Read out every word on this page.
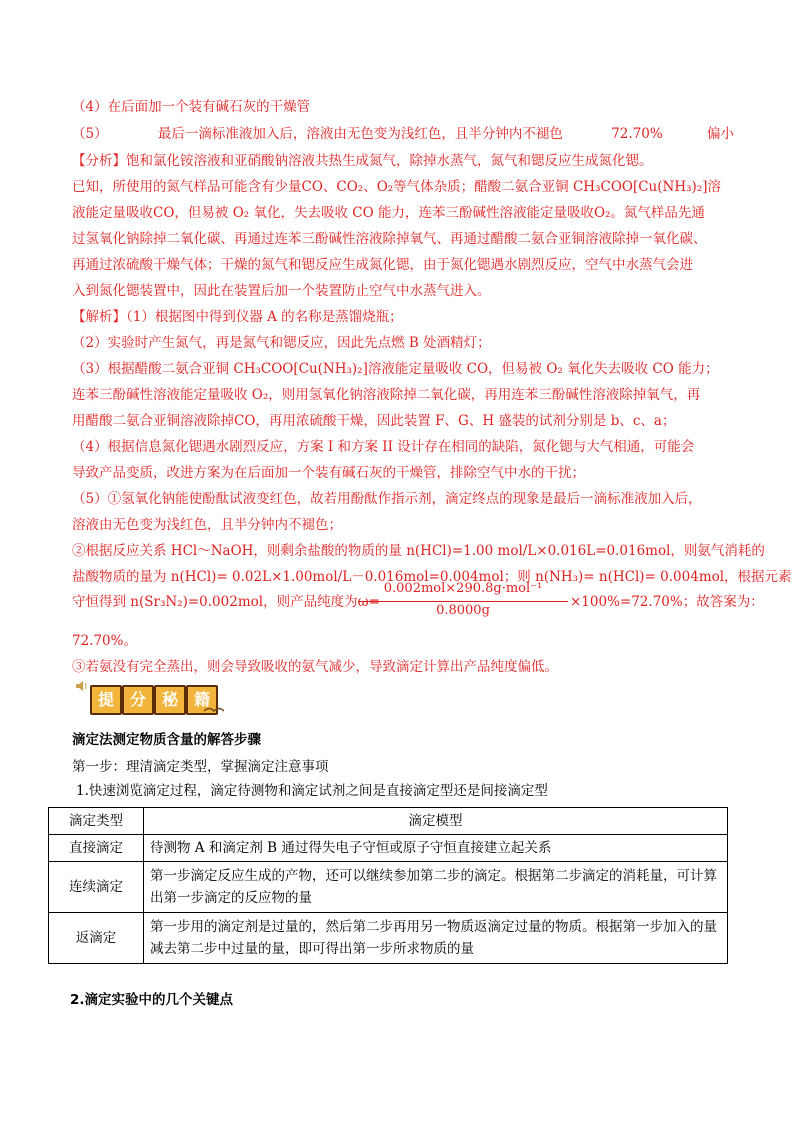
（4）在后面加一个装有碱石灰的干燥管
（5）	最后一滴标准液加入后，溶液由无色变为浅红色，且半分钟内不褪色	72.70%	偏小
【分析】饱和氯化铵溶液和亚硝酸钠溶液共热生成氮气，除掉水蒸气，氮气和锶反应生成氮化锶。
已知，所使用的氮气样品可能含有少量CO、CO₂、O₂等气体杂质；醋酸二氨合亚铜 CH₃COO[Cu(NH₃)₂]溶
液能定量吸收CO，但易被 O₂ 氧化，失去吸收 CO 能力，连苯三酚碱性溶液能定量吸收O₂。氮气样品先通
过氢氧化钠除掉二氧化碳、再通过连苯三酚碱性溶液除掉氧气、再通过醋酸二氨合亚铜溶液除掉一氧化碳、
再通过浓硫酸干燥气体；干燥的氮气和锶反应生成氮化锶，由于氮化锶遇水剧烈反应，空气中水蒸气会进
入到氮化锶装置中，因此在装置后加一个装置防止空气中水蒸气进入。
【解析】（1）根据图中得到仪器 A 的名称是蒸馏烧瓶；
（2）实验时产生氮气，再是氮气和锶反应，因此先点燃 B 处酒精灯；
（3）根据醋酸二氨合亚铜 CH₃COO[Cu(NH₃)₂]溶液能定量吸收 CO，但易被 O₂ 氧化失去吸收 CO 能力；
连苯三酚碱性溶液能定量吸收 O₂，则用氢氧化钠溶液除掉二氧化碳，再用连苯三酚碱性溶液除掉氧气，再
用醋酸二氨合亚铜溶液除掉CO，再用浓硫酸干燥，因此装置 F、G、H 盛装的试剂分别是 b、c、a；
（4）根据信息氮化锶遇水剧烈反应，方案 I 和方案 II 设计存在相同的缺陷，氮化锶与大气相通，可能会
导致产品变质，改进方案为在后面加一个装有碱石灰的干燥管，排除空气中水的干扰；
（5）①氢氧化钠能使酚酞试液变红色，故若用酚酞作指示剂，滴定终点的现象是最后一滴标准液加入后，
溶液由无色变为浅红色，且半分钟内不褪色；
②根据反应关系 HCl～NaOH，则剩余盐酸的物质的量 n(HCl)=1.00 mol/L×0.016L=0.016mol，则氨气消耗的
盐酸物质的量为 n(HCl)= 0.02L×1.00mol/L－0.016mol=0.004mol；则 n(NH₃)= n(HCl)= 0.004mol，根据元素
守恒得到 n(Sr₃N₂)=0.002mol，则产品纯度为ω=
0.002mol×290.8g·mol⁻¹
0.8000g
×100%=72.70%；故答案为：
72.70%。
③若氨没有完全蒸出，则会导致吸收的氨气减少，导致滴定计算出产品纯度偏低。
提 分 秘 籍
滴定法测定物质含量的解答步骤
第一步：理清滴定类型，掌握滴定注意事项
1.快速浏览滴定过程，滴定待测物和滴定试剂之间是直接滴定型还是间接滴定型
滴定类型	滴定模型
直接滴定	待测物 A 和滴定剂 B 通过得失电子守恒或原子守恒直接建立起关系
连续滴定	第一步滴定反应生成的产物，还可以继续参加第二步的滴定。根据第二步滴定的消耗量，可计算出第一步滴定的反应物的量
返滴定	第一步用的滴定剂是过量的，然后第二步再用另一物质返滴定过量的物质。根据第一步加入的量减去第二步中过量的量，即可得出第一步所求物质的量
2.滴定实验中的几个关键点
